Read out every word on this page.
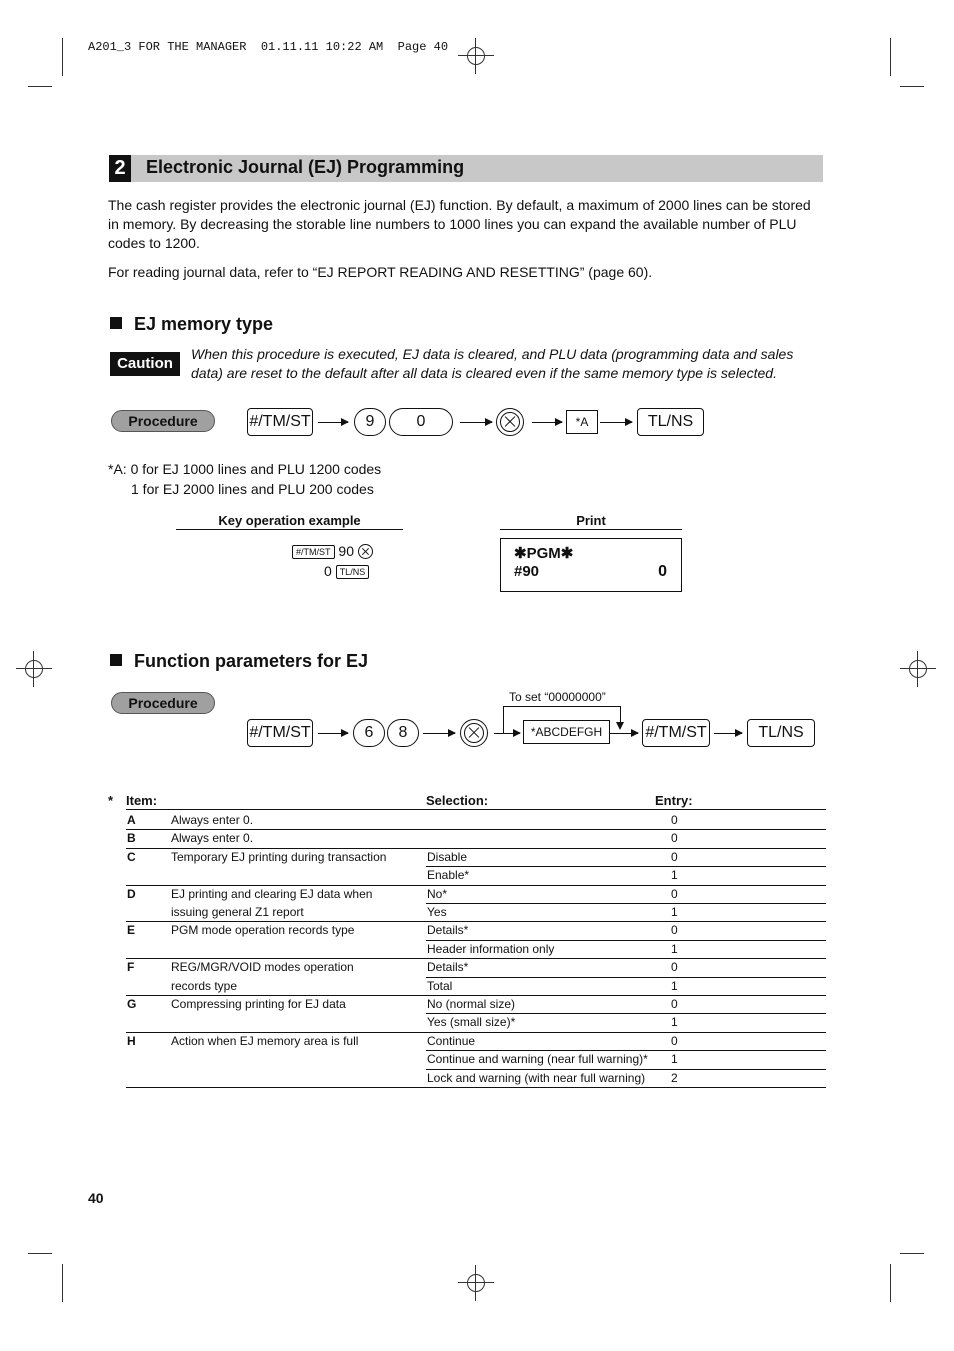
A201_3 FOR THE MANAGER  01.11.11 10:22 AM  Page 40
2	Electronic Journal (EJ) Programming

The cash register provides the electronic journal (EJ) function. By default, a maximum of 2000 lines can be stored in memory. By decreasing the storable line numbers to 1000 lines you can expand the available number of PLU codes to 1200.

For reading journal data, refer to “EJ REPORT READING AND RESETTING” (page 60).

EJ memory type
Caution

When this procedure is executed, EJ data is cleared, and PLU data (programming data and sales data) are reset to the default after all data is cleared even if the same memory type is selected.

Procedure	#/TM/ST	9	0	*A	TL/NS
*A: 0 for EJ 1000 lines and PLU 1200 codes
1 for EJ 2000 lines and PLU 200 codes
Key operation example	Print
#/TM/ST 90
0 TL/NS
✱PGM✱
#90	0
Function parameters for EJ
Procedure	To set “00000000”
#/TM/ST	6	8	*ABCDEFGH	#/TM/ST	TL/NS
* Item:	Selection:	Entry:
A	Always enter 0.	0
B	Always enter 0.	0
C	Temporary EJ printing during transaction	Disable	0
Enable*	1
D	EJ printing and clearing EJ data when
issuing general Z1 report
No*	0
Yes	1
E	PGM mode operation records type	Details*	0
Header information only	1
F	REG/MGR/VOID modes operation
records type
Details*	0
Total	1
G	Compressing printing for EJ data	No (normal size)	0
Yes (small size)*	1
H	Action when EJ memory area is full	Continue	0
Continue and warning (near full warning)* 1
Lock and warning (with near full warning) 2
40
